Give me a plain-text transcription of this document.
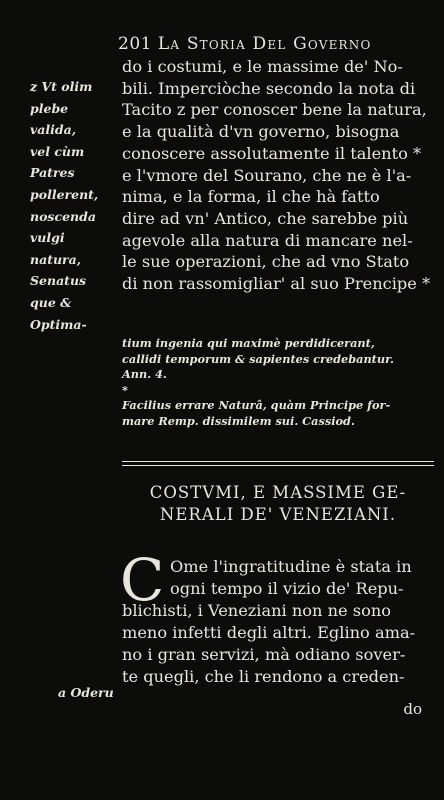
201 La Storia Del Governo
z Vt olim
plebe
valida,
vel cùm
Patres
pollerent,
noscenda
vulgi
natura,
Senatus
que &
Optima-
do i costumi, e le massime de' No-
bili. Imperciòche secondo la nota di
Tacito z per conoscer bene la natura,
e la qualità d'vn governo, bisogna
conoscere assolutamente il talento *
e l'vmore del Sourano, che ne è l'a-
nima, e la forma, il che hà fatto
dire ad vn' Antico, che sarebbe più
agevole alla natura di mancare nel-
le sue operazioni, che ad vno Stato
di non rassomigliar' al suo Prencipe *
tium ingenia qui maximè perdidicerant,
callidi temporum & sapientes credebantur.
Ann. 4.
*
Facilius errare Naturâ, quàm Principe for-
mare Remp. dissimilem sui. Cassiod.
COSTVMI, E MASSIME GE-
NERALI DE' VENEZIANI.
C Ome l'ingratitudine è stata in
ogni tempo il vizio de' Repu-
blichisti, i Veneziani non ne sono
meno infetti degli altri. Eglino ama-
no i gran servizi, mà odiano sover-
te quegli, che li rendono a creden-
a Oderu
do
